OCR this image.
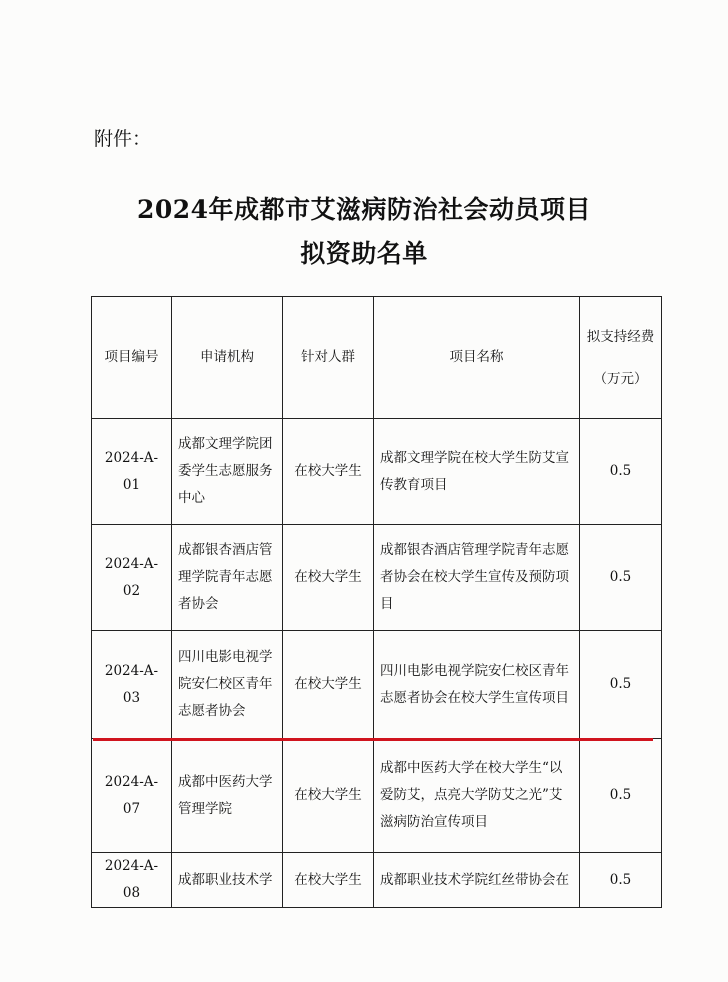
附件：
2024年成都市艾滋病防治社会动员项目
拟资助名单
项目编号	申请机构	针对人群	项目名称	拟支持经费（万元）
2024-A-01	成都文理学院团委学生志愿服务中心	在校大学生	成都文理学院在校大学生防艾宣传教育项目	0.5
2024-A-02	成都银杏酒店管理学院青年志愿者协会	在校大学生	成都银杏酒店管理学院青年志愿者协会在校大学生宣传及预防项目	0.5
2024-A-03	四川电影电视学院安仁校区青年志愿者协会	在校大学生	四川电影电视学院安仁校区青年志愿者协会在校大学生宣传项目	0.5
2024-A-07	成都中医药大学管理学院	在校大学生	成都中医药大学在校大学生“以爱防艾，点亮大学防艾之光”艾滋病防治宣传项目	0.5
2024-A-08	成都职业技术学	在校大学生	成都职业技术学院红丝带协会在	0.5
